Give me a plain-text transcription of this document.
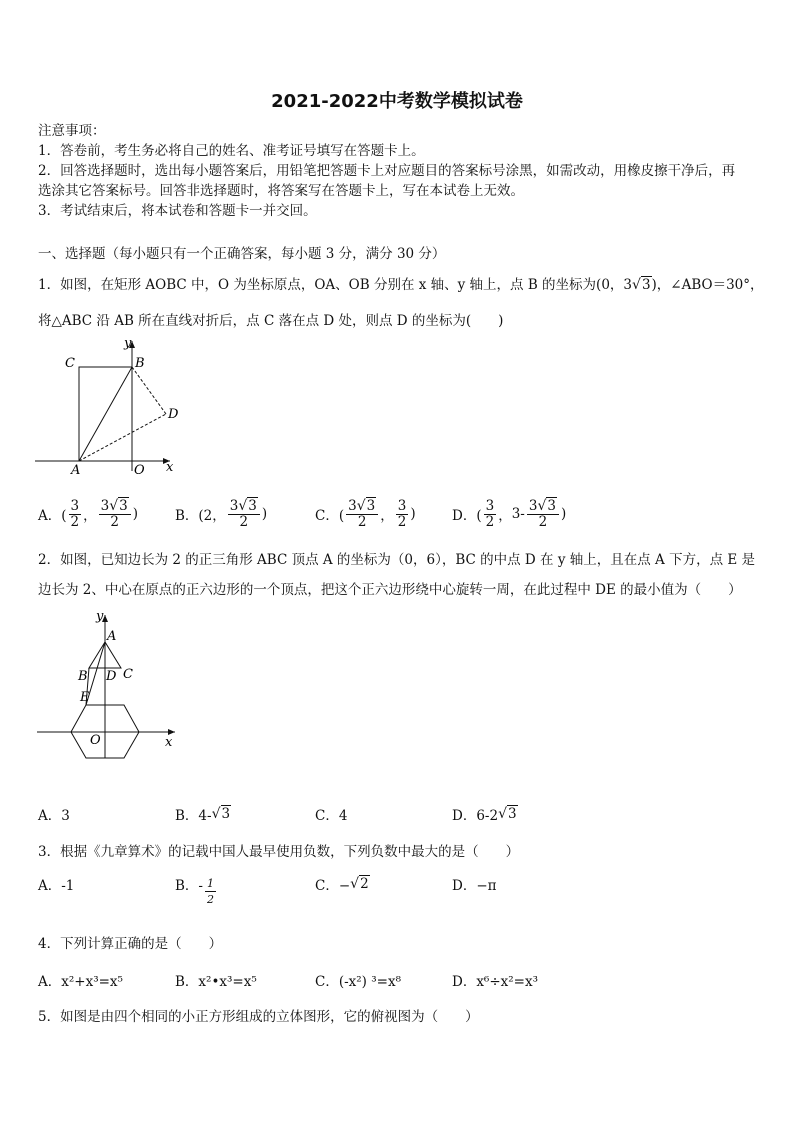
2021-2022中考数学模拟试卷
注意事项：
1．答卷前，考生务必将自己的姓名、准考证号填写在答题卡上。
2．回答选择题时，选出每小题答案后，用铅笔把答题卡上对应题目的答案标号涂黑，如需改动，用橡皮擦干净后，再
选涂其它答案标号。回答非选择题时，将答案写在答题卡上，写在本试卷上无效。
3．考试结束后，将本试卷和答题卡一并交回。
一、选择题（每小题只有一个正确答案，每小题 3 分，满分 30 分）
1．如图，在矩形 AOBC 中，O 为坐标原点，OA、OB 分别在 x 轴、y 轴上，点 B 的坐标为(0，3√3)，∠ABO＝30°，
将△ABC 沿 AB 所在直线对折后，点 C 落在点 D 处，则点 D 的坐标为(　　)
C	B
D
A	O x
y
A．( $\frac{3}{2}$ ， $\frac{3√3}{2}$ )	B．(2， $\frac{3√3}{2}$ )	C．( $\frac{3√3}{2}$ ， $\frac{3}{2}$ )	D．( $\frac{3}{2}$ ， $3- \frac{3√3}{2}$ )
2．如图，已知边长为 2 的正三角形 ABC 顶点 A 的坐标为（0，6），BC 的中点 D 在 y 轴上，且在点 A 下方，点 E 是
边长为 2、中心在原点的正六边形的一个顶点，把这个正六边形绕中心旋转一周，在此过程中 DE 的最小值为（　　）
y
A
B D C
E
O	x
A．3	B．4- √3	C．4	D．6-2 √3
3．根据《九章算术》的记载中国人最早使用负数，下列负数中最大的是（　　）
A．-1	B．- $\frac{1}{2}$	C．− √2	D．−π
4．下列计算正确的是（　　）
A．x²+x³=x⁵	B．x²•x³=x⁵	C．(-x²) ³=x⁸	D．x⁶÷x²=x³
5．如图是由四个相同的小正方形组成的立体图形，它的俯视图为（　　）
